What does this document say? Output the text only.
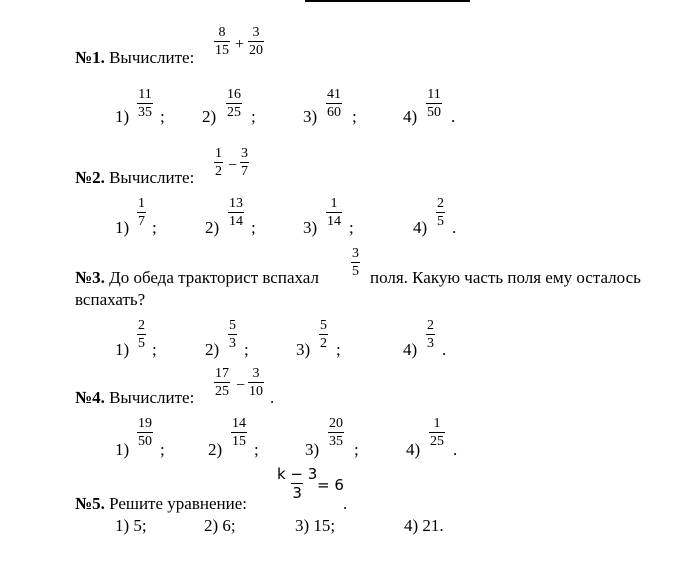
№1. Вычислите: $\frac{8}{15} + \frac{3}{20}$
$1) \frac{11}{35}$ ; $2) \frac{16}{25}$ ;	$3) \frac{41}{60}$ ;	$4) \frac{11}{50}$ .
№2. Вычислите: $\frac{1}{2} - \frac{3}{7}$
$1) \frac{1}{7}$ ;	$2) \frac{13}{14}$ ;	$3) \frac{1}{14}$ ;	$4) \frac{2}{5}$ .
№3. До обеда тракторист вспахал $\frac{3}{5}$ поля. Какую часть поля ему осталось
вспахать?
$1) \frac{2}{5}$ ;	$2) \frac{5}{3}$ ;	$3) \frac{5}{2}$ ;	$4) \frac{2}{3}$ .
№4. Вычислите: $\frac{17}{25} - \frac{3}{10}$ .
1)
$\frac{19}{50}$
;	2)
$\frac{14}{15}$
;	3)
$\frac{20}{35}$
;	4)
$\frac{1}{25}$
.
№5. Решите уравнение:
$\frac{k - 3}{3}$
= 6
.
1) 5;	2) 6;	3) 15;	4) 21.
